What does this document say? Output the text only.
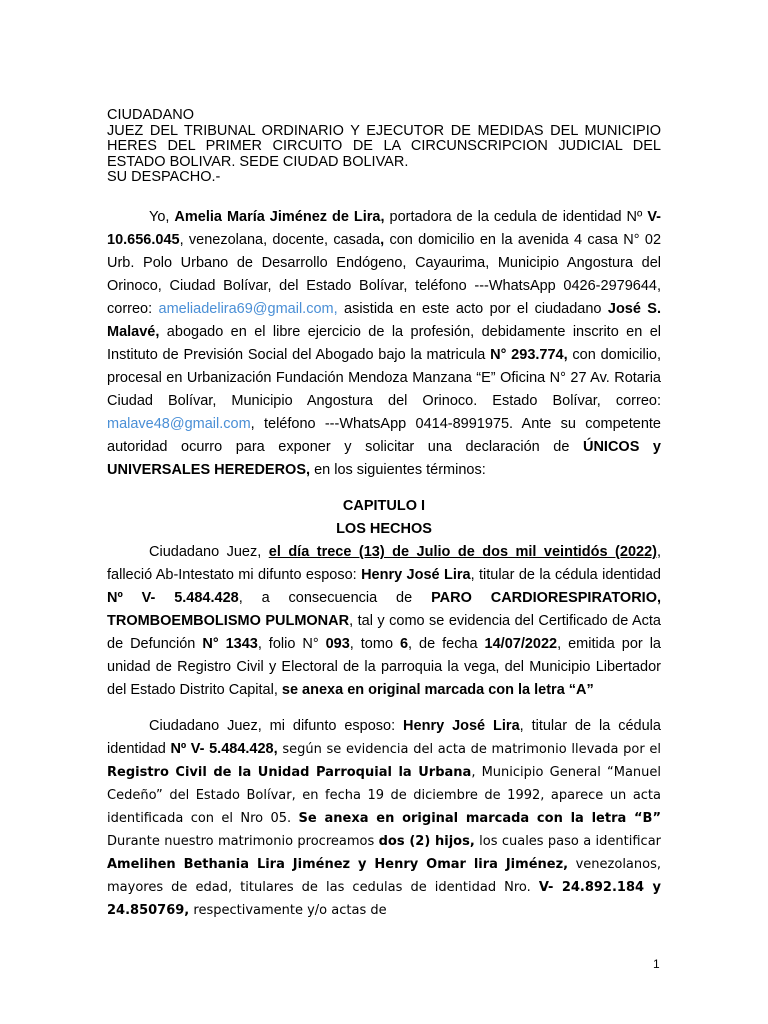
CIUDADANO
JUEZ DEL TRIBUNAL ORDINARIO Y EJECUTOR DE MEDIDAS DEL MUNICIPIO
HERES DEL PRIMER CIRCUITO DE LA CIRCUNSCRIPCION JUDICIAL DEL
ESTADO BOLIVAR. SEDE CIUDAD BOLIVAR.
SU DESPACHO.-

Yo, Amelia María Jiménez de Lira, portadora de la cedula de identidad Nº V-10.656.045, venezolana, docente, casada, con domicilio en la avenida 4 casa N° 02 Urb. Polo Urbano de Desarrollo Endógeno, Cayaurima, Municipio Angostura del Orinoco, Ciudad Bolívar, del Estado Bolívar, teléfono ---WhatsApp 0426-2979644, correo: ameliadelira69@gmail.com, asistida en este acto por el ciudadano José S. Malavé, abogado en el libre ejercicio de la profesión, debidamente inscrito en el Instituto de Previsión Social del Abogado bajo la matricula N° 293.774, con domicilio, procesal en Urbanización Fundación Mendoza Manzana “E” Oficina N° 27 Av. Rotaria Ciudad Bolívar, Municipio Angostura del Orinoco. Estado Bolívar, correo: malave48@gmail.com, teléfono ---WhatsApp 0414-8991975. Ante su competente autoridad ocurro para exponer y solicitar una declaración de ÚNICOS y UNIVERSALES HEREDEROS, en los siguientes términos:

CAPITULO I

LOS HECHOS

Ciudadano Juez, el día trece (13) de Julio de dos mil veintidós (2022), falleció Ab-Intestato mi difunto esposo: Henry José Lira, titular de la cédula identidad Nº V- 5.484.428, a consecuencia de PARO CARDIORESPIRATORIO, TROMBOEMBOLISMO PULMONAR, tal y como se evidencia del Certificado de Acta de Defunción N° 1343, folio N° 093, tomo 6, de fecha 14/07/2022, emitida por la unidad de Registro Civil y Electoral de la parroquia la vega, del Municipio Libertador del Estado Distrito Capital, se anexa en original marcada con la letra “A”

Ciudadano Juez, mi difunto esposo: Henry José Lira, titular de la cédula identidad Nº V- 5.484.428, según se evidencia del acta de matrimonio llevada por el Registro Civil de la Unidad Parroquial la Urbana, Municipio General “Manuel Cedeño” del Estado Bolívar, en fecha 19 de diciembre de 1992, aparece un acta identificada con el Nro 05. Se anexa en original marcada con la letra “B” Durante nuestro matrimonio procreamos dos (2) hijos, los cuales paso a identificar Amelihen Bethania Lira Jiménez y Henry Omar lira Jiménez, venezolanos, mayores de edad, titulares de las cedulas de identidad Nro. V- 24.892.184 y 24.850769, respectivamente y/o actas de

1
